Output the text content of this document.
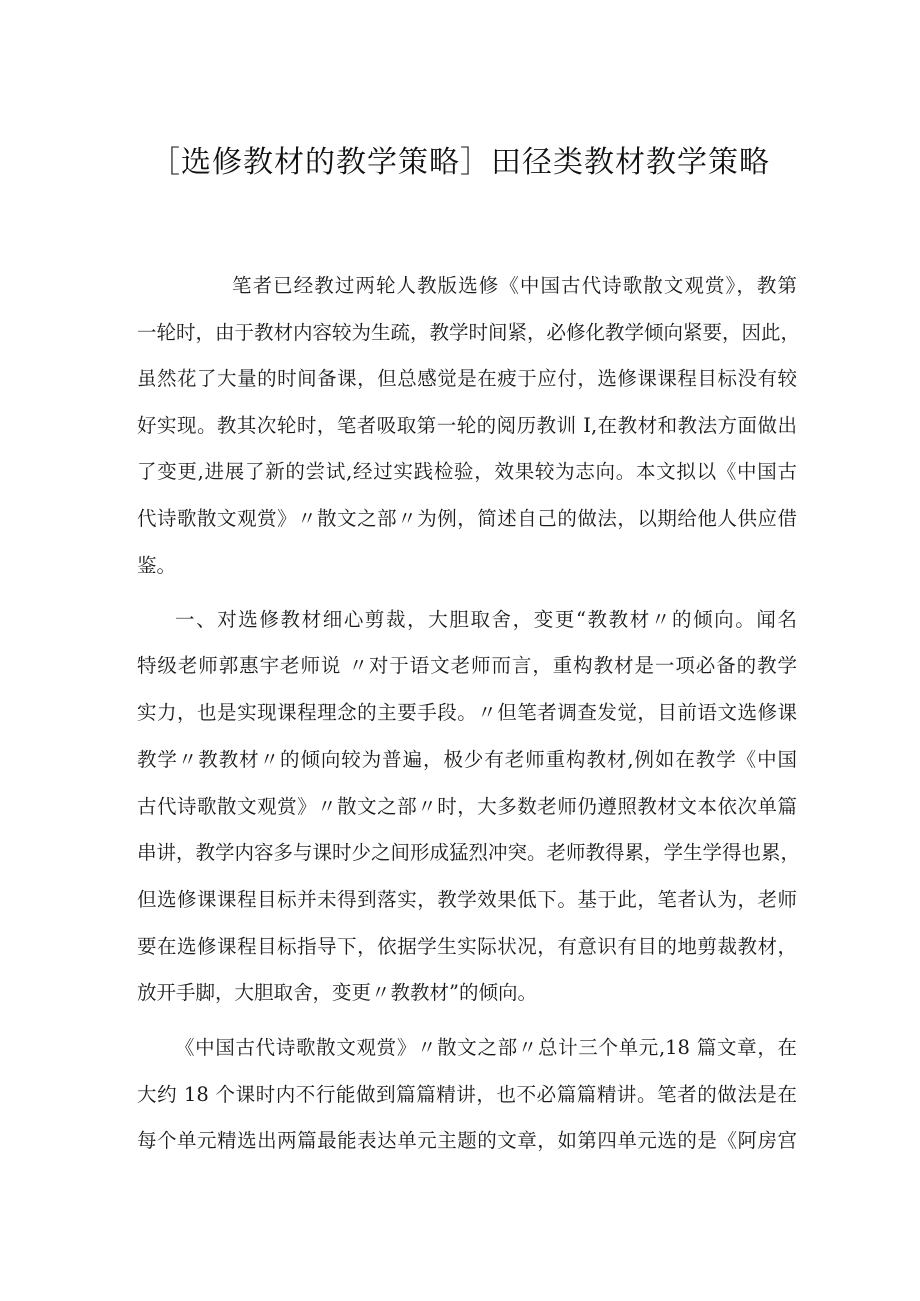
［选修教材的教学策略］田径类教材教学策略
笔者已经教过两轮人教版选修《中国古代诗歌散文观赏》，教第
一轮时，由于教材内容较为生疏，教学时间紧，必修化教学倾向紧要，因此，
虽然花了大量的时间备课，但总感觉是在疲于应付，选修课课程目标没有较
好实现。教其次轮时，笔者吸取第一轮的阅历教训 I,在教材和教法方面做出
了变更,进展了新的尝试,经过实践检验，效果较为志向。本文拟以《中国古
代诗歌散文观赏》〃散文之部〃为例，简述自己的做法，以期给他人供应借
鉴。
一、对选修教材细心剪裁，大胆取舍，变更“教教材〃的倾向。闻名
特级老师郭惠宇老师说 〃对于语文老师而言，重构教材是一项必备的教学
实力，也是实现课程理念的主要手段。〃但笔者调查发觉，目前语文选修课
教学〃教教材〃的倾向较为普遍，极少有老师重构教材,例如在教学《中国
古代诗歌散文观赏》〃散文之部〃时，大多数老师仍遵照教材文本依次单篇
串讲，教学内容多与课时少之间形成猛烈冲突。老师教得累，学生学得也累，
但选修课课程目标并未得到落实，教学效果低下。基于此，笔者认为，老师
要在选修课程目标指导下，依据学生实际状况，有意识有目的地剪裁教材，
放开手脚，大胆取舍，变更〃教教材”的倾向。
《中国古代诗歌散文观赏》〃散文之部〃总计三个单元,18 篇文章，在
大约 18 个课时内不行能做到篇篇精讲，也不必篇篇精讲。笔者的做法是在
每个单元精选出两篇最能表达单元主题的文章，如第四单元选的是《阿房宫
